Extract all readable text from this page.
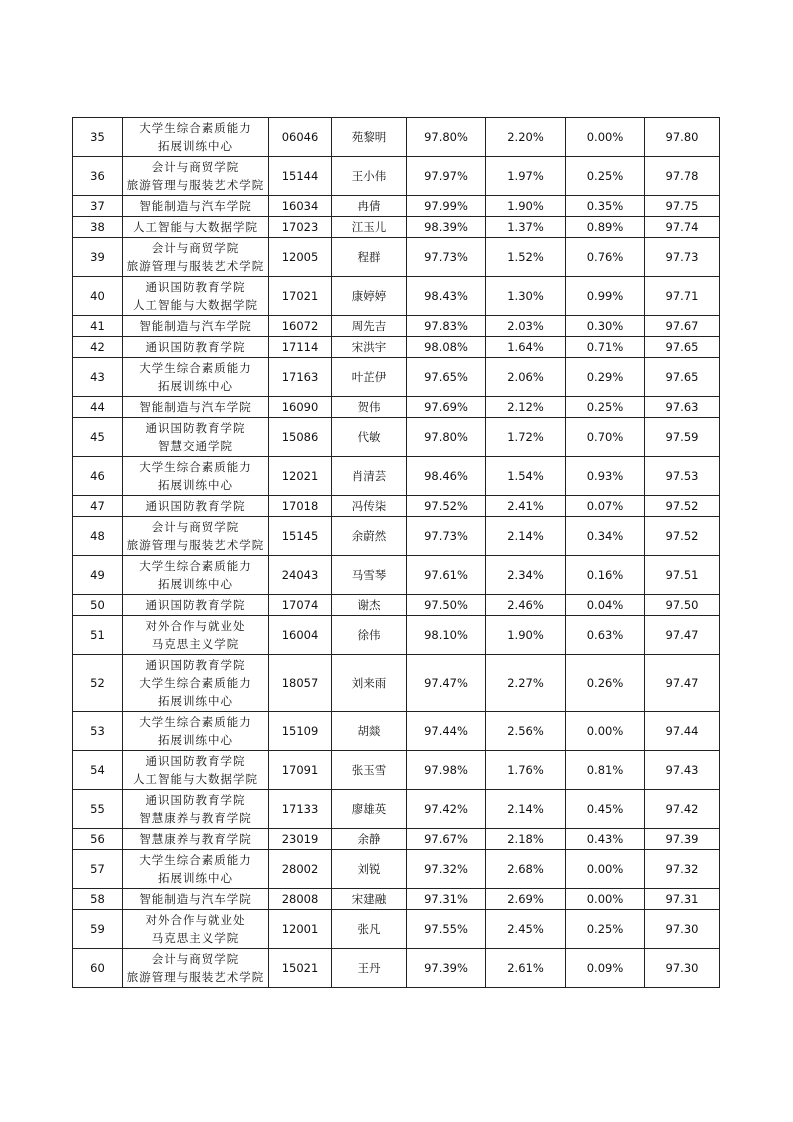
35	大学生综合素质能力
拓展训练中心	06046	苑黎明	97.80%	2.20%	0.00%	97.80
36	会计与商贸学院
旅游管理与服装艺术学院	15144	王小伟	97.97%	1.97%	0.25%	97.78
37	智能制造与汽车学院	16034	冉倩	97.99%	1.90%	0.35%	97.75
38	人工智能与大数据学院	17023	江玉儿	98.39%	1.37%	0.89%	97.74
39	会计与商贸学院
旅游管理与服装艺术学院	12005	程群	97.73%	1.52%	0.76%	97.73
40	通识国防教育学院
人工智能与大数据学院	17021	康婷婷	98.43%	1.30%	0.99%	97.71
41	智能制造与汽车学院	16072	周先吉	97.83%	2.03%	0.30%	97.67
42	通识国防教育学院	17114	宋洪宇	98.08%	1.64%	0.71%	97.65
43	大学生综合素质能力
拓展训练中心	17163	叶芷伊	97.65%	2.06%	0.29%	97.65
44	智能制造与汽车学院	16090	贺伟	97.69%	2.12%	0.25%	97.63
45	通识国防教育学院
智慧交通学院	15086	代敏	97.80%	1.72%	0.70%	97.59
46	大学生综合素质能力
拓展训练中心	12021	肖清芸	98.46%	1.54%	0.93%	97.53
47	通识国防教育学院	17018	冯传柒	97.52%	2.41%	0.07%	97.52
48	会计与商贸学院
旅游管理与服装艺术学院	15145	余蔚然	97.73%	2.14%	0.34%	97.52
49	大学生综合素质能力
拓展训练中心	24043	马雪琴	97.61%	2.34%	0.16%	97.51
50	通识国防教育学院	17074	谢杰	97.50%	2.46%	0.04%	97.50
51	对外合作与就业处
马克思主义学院	16004	徐伟	98.10%	1.90%	0.63%	97.47
52	通识国防教育学院
大学生综合素质能力
拓展训练中心	18057	刘来雨	97.47%	2.27%	0.26%	97.47
53	大学生综合素质能力
拓展训练中心	15109	胡燚	97.44%	2.56%	0.00%	97.44
54	通识国防教育学院
人工智能与大数据学院	17091	张玉雪	97.98%	1.76%	0.81%	97.43
55	通识国防教育学院
智慧康养与教育学院	17133	廖雄英	97.42%	2.14%	0.45%	97.42
56	智慧康养与教育学院	23019	余静	97.67%	2.18%	0.43%	97.39
57	大学生综合素质能力
拓展训练中心	28002	刘锐	97.32%	2.68%	0.00%	97.32
58	智能制造与汽车学院	28008	宋建融	97.31%	2.69%	0.00%	97.31
59	对外合作与就业处
马克思主义学院	12001	张凡	97.55%	2.45%	0.25%	97.30
60	会计与商贸学院
旅游管理与服装艺术学院	15021	王丹	97.39%	2.61%	0.09%	97.30
